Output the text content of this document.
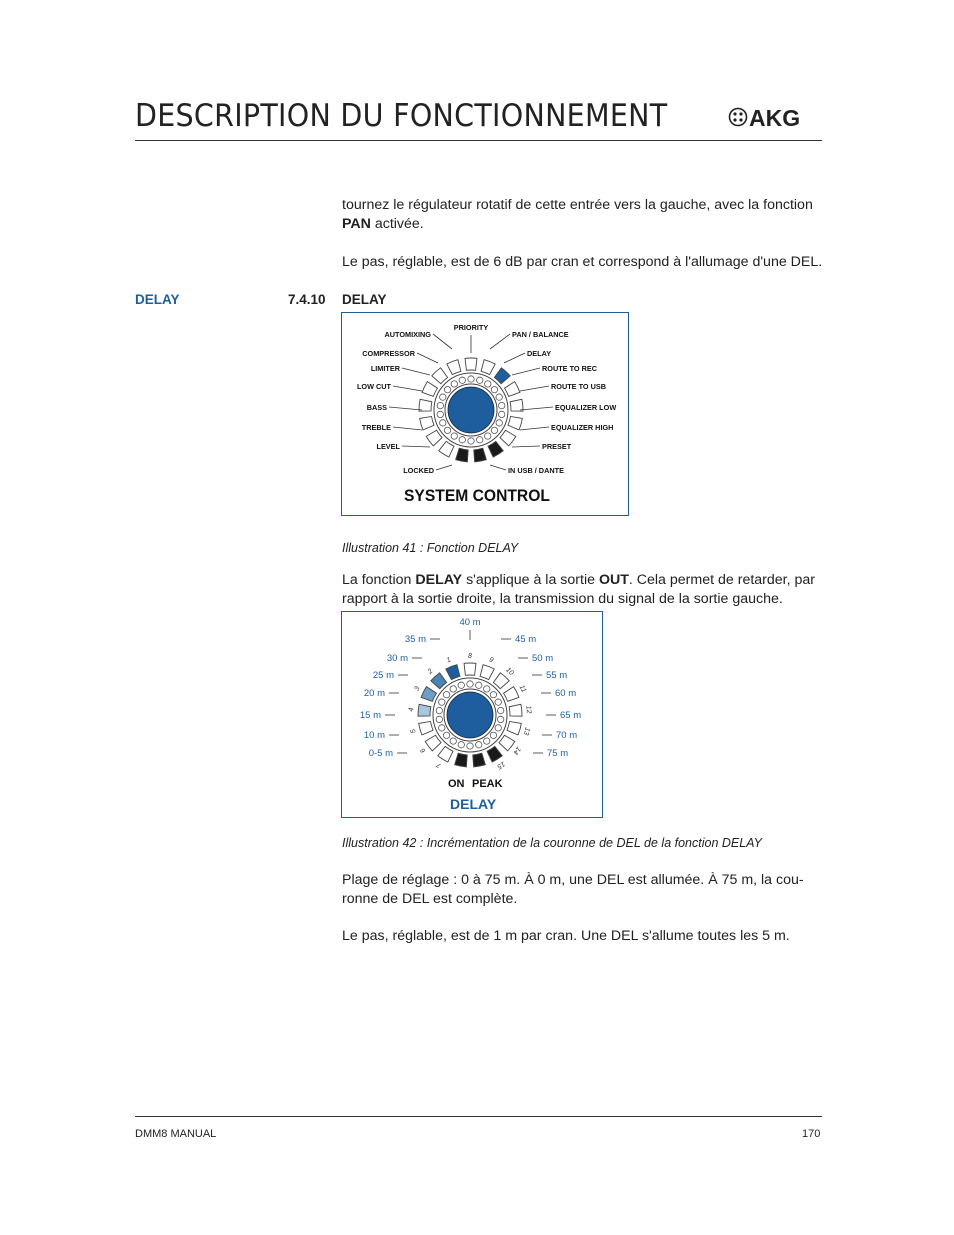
DESCRIPTION DU FONCTIONNEMENT	AKG
tournez le régulateur rotatif de cette entrée vers la gauche, avec la fonction
PAN activée.
Le pas, réglable, est de 6 dB par cran et correspond à l'allumage d'une DEL.
DELAY	7.4.10 DELAY
AUTOMIXING
COMPRESSOR
LIMITER
LOW CUT
BASS
TREBLE
LEVEL
LOCKED
PAN / BALANCE
DELAY
ROUTE TO REC
ROUTE TO USB
EQUALIZER LOW
EQUALIZER HIGH
PRESET
IN USB / DANTE
PRIORITY
SYSTEM CONTROL
Illustration 41 : Fonction DELAY
La fonction DELAY s'applique à la sortie OUT. Cela permet de retarder, par
rapport à la sortie droite, la transmission du signal de la sortie gauche.
1
2
3
4
5
6
7
8 9
10
11
12
13
14
15
35 m
30 m
25 m
20 m
15 m
10 m
0-5 m
45 m
50 m
55 m
60 m
65 m
70 m
75 m
40 m
ON PEAK
DELAY
Illustration 42 : Incrémentation de la couronne de DEL de la fonction DELAY
Plage de réglage : 0 à 75 m. À 0 m, une DEL est allumée. À 75 m, la cou-
ronne de DEL est complète.
Le pas, réglable, est de 1 m par cran. Une DEL s'allume toutes les 5 m.
DMM8 MANUAL	170
